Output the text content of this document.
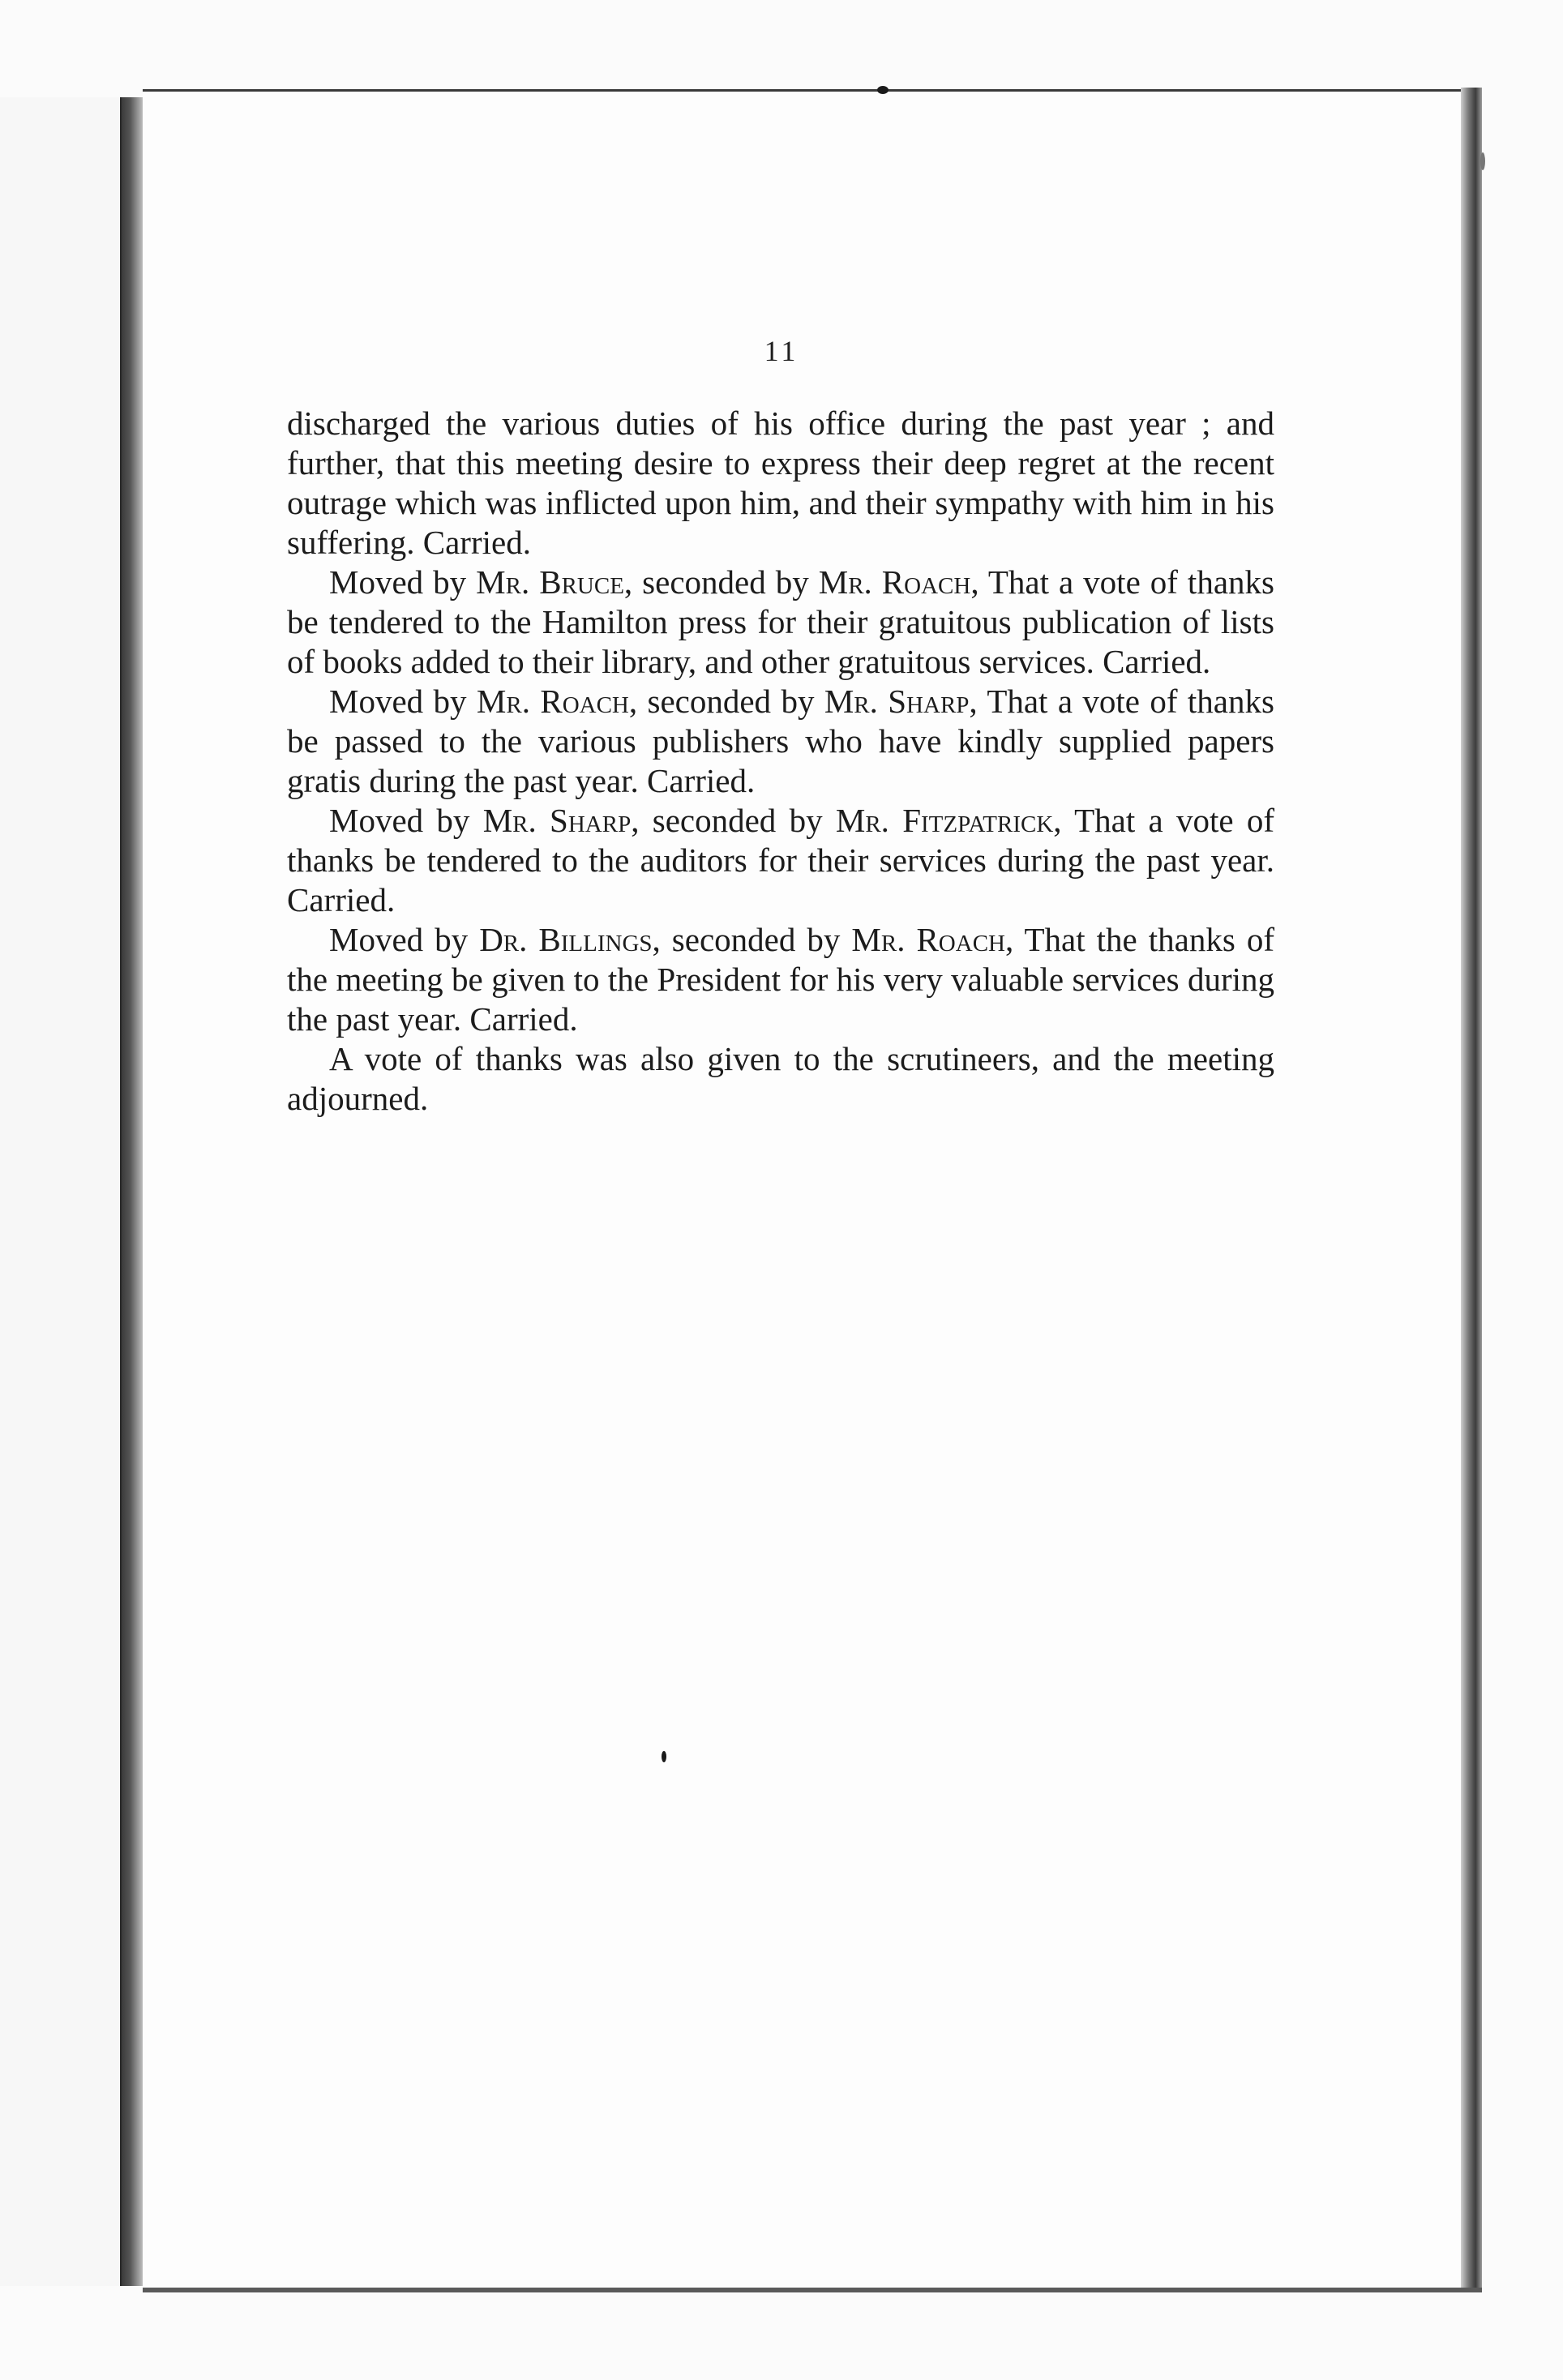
11

discharged the various duties of his office during the past year ; and further, that this meeting desire to express their deep regret at the recent outrage which was inflicted upon him, and their sympathy with him in his suffering. Carried.

Moved by Mr. Bruce, seconded by Mr. Roach, That a vote of thanks be tendered to the Hamilton press for their gratuitous publication of lists of books added to their library, and other gratuitous services. Carried.

Moved by Mr. Roach, seconded by Mr. Sharp, That a vote of thanks be passed to the various publishers who have kindly supplied papers gratis during the past year. Carried.

Moved by Mr. Sharp, seconded by Mr. Fitzpatrick, That a vote of thanks be tendered to the auditors for their services during the past year. Carried.

Moved by Dr. Billings, seconded by Mr. Roach, That the thanks of the meeting be given to the President for his very valuable services during the past year. Carried.

A vote of thanks was also given to the scrutineers, and the meeting adjourned.
